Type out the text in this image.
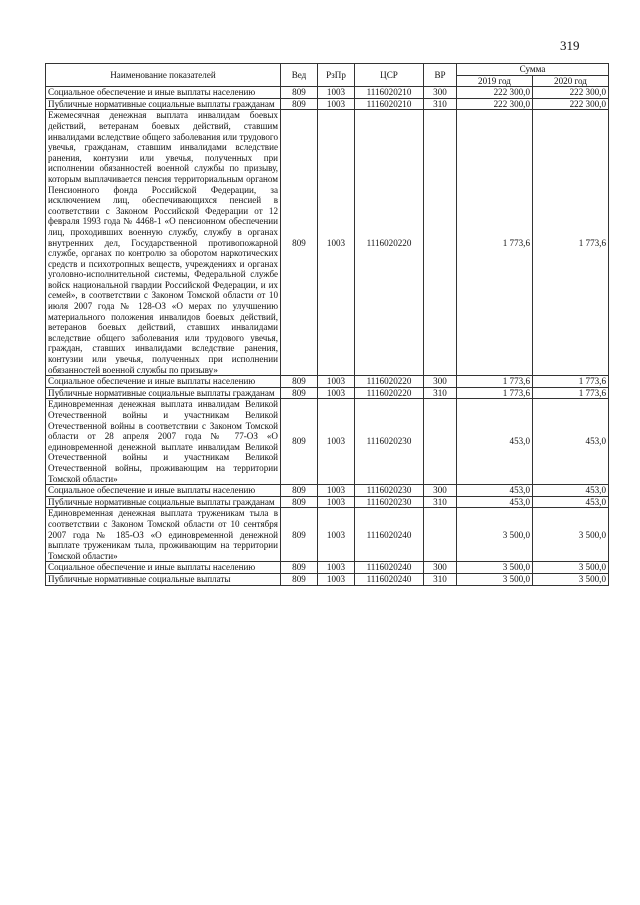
319
Наименование показателей	Вед	РзПр	ЦСР	ВР	Сумма	
					2019 год	2020 год
Социальное обеспечение и иные выплаты населению	809	1003	1116020210	300	222 300,0	222 300,0
Публичные нормативные социальные выплаты гражданам	809	1003	1116020210	310	222 300,0	222 300,0
Ежемесячная денежная выплата инвалидам боевых действий, ветеранам боевых действий, ставшим инвалидами вследствие общего заболевания или трудового увечья, гражданам, ставшим инвалидами вследствие ранения, контузии или увечья, полученных при исполнении обязанностей военной службы по призыву, которым выплачивается пенсия территориальным органом Пенсионного фонда Российской Федерации, за исключением лиц, обеспечивающихся пенсией в соответствии с Законом Российской Федерации от 12 февраля 1993 года № 4468-1 «О пенсионном обеспечении лиц, проходивших военную службу, службу в органах внутренних дел, Государственной противопожарной службе, органах по контролю за оборотом наркотических средств и психотропных веществ, учреждениях и органах уголовно-исполнительной системы, Федеральной службе войск национальной гвардии Российской Федерации, и их семей», в соответствии с Законом Томской области от 10 июля 2007 года № 128-ОЗ «О мерах по улучшению материального положения инвалидов боевых действий, ветеранов боевых действий, ставших инвалидами вследствие общего заболевания или трудового увечья, граждан, ставших инвалидами вследствие ранения, контузии или увечья, полученных при исполнении обязанностей военной службы по призыву»	809	1003	1116020220		1 773,6	1 773,6
Социальное обеспечение и иные выплаты населению	809	1003	1116020220	300	1 773,6	1 773,6
Публичные нормативные социальные выплаты гражданам	809	1003	1116020220	310	1 773,6	1 773,6
Единовременная денежная выплата инвалидам Великой Отечественной войны и участникам Великой Отечественной войны в соответствии с Законом Томской области от 28 апреля 2007 года № 77-ОЗ «О единовременной денежной выплате инвалидам Великой Отечественной войны и участникам Великой Отечественной войны, проживающим на территории Томской области»	809	1003	1116020230		453,0	453,0
Социальное обеспечение и иные выплаты населению	809	1003	1116020230	300	453,0	453,0
Публичные нормативные социальные выплаты гражданам	809	1003	1116020230	310	453,0	453,0
Единовременная денежная выплата труженикам тыла в соответствии с Законом Томской области от 10 сентября 2007 года № 185-ОЗ «О единовременной денежной выплате труженикам тыла, проживающим на территории Томской области»	809	1003	1116020240		3 500,0	3 500,0
Социальное обеспечение и иные выплаты населению	809	1003	1116020240	300	3 500,0	3 500,0
Публичные нормативные социальные выплаты	809	1003	1116020240	310	3 500,0	3 500,0
